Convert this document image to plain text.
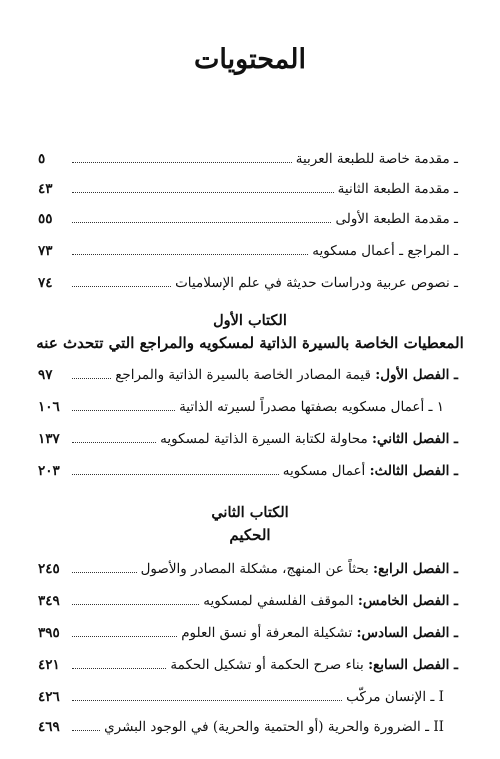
المحتويات
ـ مقدمة خاصة للطبعة العربية
٥
ـ مقدمة الطبعة الثانية
٤٣
ـ مقدمة الطبعة الأولى
٥٥
ـ المراجع ـ أعمال مسكويه
٧٣
ـ نصوص عربية ودراسات حديثة في علم الإسلاميات
٧٤
الكتاب الأول
المعطيات الخاصة بالسيرة الذاتية لمسكويه والمراجع التي تتحدث عنه
ـ الفصل الأول: قيمة المصادر الخاصة بالسيرة الذاتية والمراجع
٩٧
١ ـ أعمال مسكويه بصفتها مصدراً لسيرته الذاتية
١٠٦
ـ الفصل الثاني: محاولة لكتابة السيرة الذاتية لمسكويه
١٣٧
ـ الفصل الثالث: أعمال مسكويه
٢٠٣
الكتاب الثاني
الحكيم
ـ الفصل الرابع: بحثاً عن المنهج، مشكلة المصادر والأصول
٢٤٥
ـ الفصل الخامس: الموقف الفلسفي لمسكويه
٣٤٩
ـ الفصل السادس: تشكيلة المعرفة أو نسق العلوم
٣٩٥
ـ الفصل السابع: بناء صرح الحكمة أو تشكيل الحكمة
٤٢١
I ـ الإنسان مركّب
٤٢٦
II ـ الضرورة والحرية (أو الحتمية والحرية) في الوجود البشري
٤٦٩
